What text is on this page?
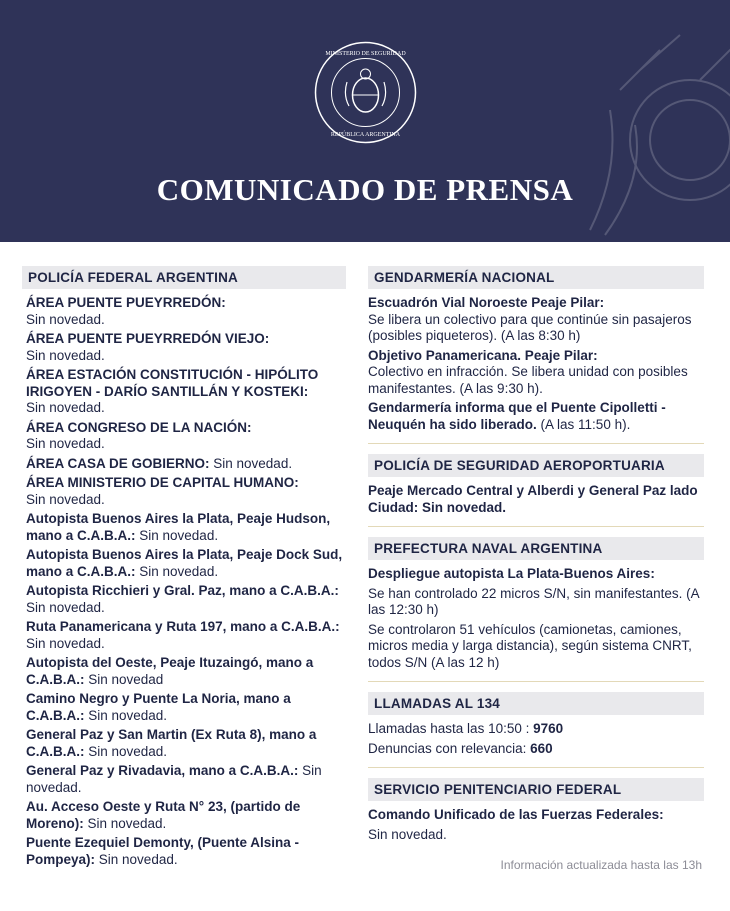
MINISTERIO DE SEGURIDAD
REPÚBLICA ARGENTINA
COMUNICADO DE PRENSA
POLICÍA FEDERAL ARGENTINA
ÁREA PUENTE PUEYRREDÓN:
Sin novedad.
ÁREA PUENTE PUEYRREDÓN VIEJO:
Sin novedad.
ÁREA ESTACIÓN CONSTITUCIÓN - HIPÓLITO IRIGOYEN - DARÍO SANTILLÁN Y KOSTEKI:
Sin novedad.
ÁREA CONGRESO DE LA NACIÓN:
Sin novedad.
ÁREA CASA DE GOBIERNO: Sin novedad.
ÁREA MINISTERIO DE CAPITAL HUMANO:
Sin novedad.
Autopista Buenos Aires la Plata, Peaje Hudson, mano a C.A.B.A.: Sin novedad.
Autopista Buenos Aires la Plata, Peaje Dock Sud, mano a C.A.B.A.: Sin novedad.
Autopista Ricchieri y Gral. Paz, mano a C.A.B.A.: Sin novedad.
Ruta Panamericana y Ruta 197, mano a C.A.B.A.: Sin novedad.
Autopista del Oeste, Peaje Ituzaingó, mano a C.A.B.A.: Sin novedad
Camino Negro y Puente La Noria, mano a C.A.B.A.: Sin novedad.
General Paz y San Martin (Ex Ruta 8), mano a C.A.B.A.: Sin novedad.
General Paz y Rivadavia, mano a C.A.B.A.: Sin novedad.
Au. Acceso Oeste y Ruta N° 23, (partido de Moreno): Sin novedad.
Puente Ezequiel Demonty, (Puente Alsina - Pompeya): Sin novedad.
GENDARMERÍA NACIONAL
Escuadrón Vial Noroeste Peaje Pilar:
Se libera un colectivo para que continúe sin pasajeros (posibles piqueteros). (A las 8:30 h)
Objetivo Panamericana. Peaje Pilar:
Colectivo en infracción. Se libera unidad con posibles manifestantes. (A las 9:30 h).
Gendarmería informa que el Puente Cipolletti - Neuquén ha sido liberado. (A las 11:50 h).
POLICÍA DE SEGURIDAD AEROPORTUARIA
Peaje Mercado Central y Alberdi y General Paz lado Ciudad: Sin novedad.
PREFECTURA NAVAL ARGENTINA
Despliegue autopista La Plata-Buenos Aires:
Se han controlado 22 micros S/N, sin manifestantes. (A las 12:30 h)
Se controlaron 51 vehículos (camionetas, camiones, micros media y larga distancia), según sistema CNRT, todos S/N (A las 12 h)
LLAMADAS AL 134
Llamadas hasta las 10:50 : 9760
Denuncias con relevancia: 660
SERVICIO PENITENCIARIO FEDERAL
Comando Unificado de las Fuerzas Federales:
Sin novedad.
Información actualizada hasta las 13h
